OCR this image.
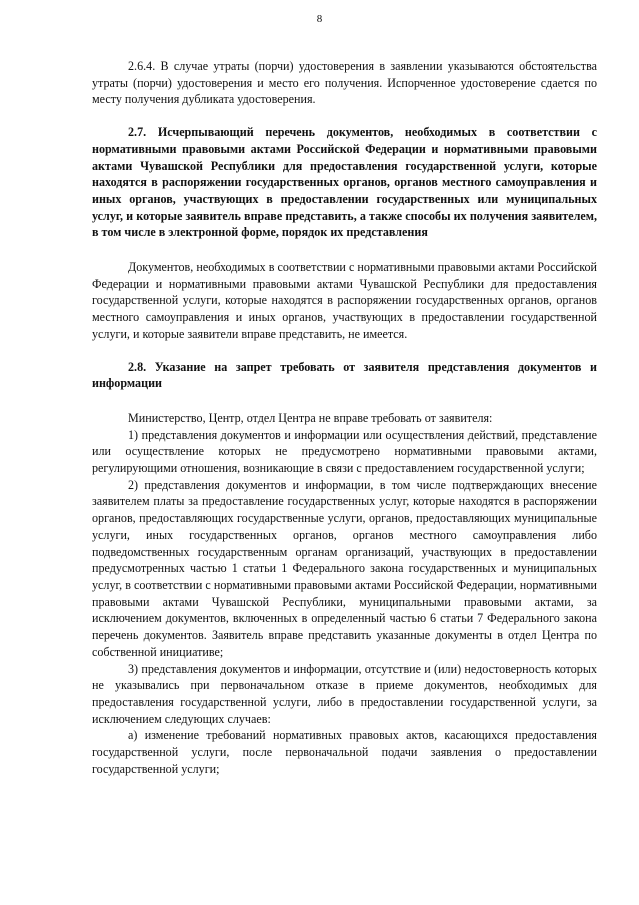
8

2.6.4. В случае утраты (порчи) удостоверения в заявлении указываются обстоятельства утраты (порчи) удостоверения и место его получения. Испорченное удостоверение сдается по месту получения дубликата удостоверения.

2.7. Исчерпывающий перечень документов, необходимых в соответствии с нормативными правовыми актами Российской Федерации и нормативными правовыми актами Чувашской Республики для предоставления государственной услуги, которые находятся в распоряжении государственных органов, органов местного самоуправления и иных органов, участвующих в предоставлении государственных или муниципальных услуг, и которые заявитель вправе представить, а также способы их получения заявителем, в том числе в электронной форме, порядок их представления

Документов, необходимых в соответствии с нормативными правовыми актами Российской Федерации и нормативными правовыми актами Чувашской Республики для предоставления государственной услуги, которые находятся в распоряжении государственных органов, органов местного самоуправления и иных органов, участвующих в предоставлении государственной услуги, и которые заявители вправе представить, не имеется.

2.8. Указание на запрет требовать от заявителя представления документов и информации

Министерство, Центр, отдел Центра не вправе требовать от заявителя:

1) представления документов и информации или осуществления действий, представление или осуществление которых не предусмотрено нормативными правовыми актами, регулирующими отношения, возникающие в связи с предоставлением государственной услуги;

2) представления документов и информации, в том числе подтверждающих внесение заявителем платы за предоставление государственных услуг, которые находятся в распоряжении органов, предоставляющих государственные услуги, органов, предоставляющих муниципальные услуги, иных государственных органов, органов местного самоуправления либо подведомственных государственным органам организаций, участвующих в предоставлении предусмотренных частью 1 статьи 1 Федерального закона государственных и муниципальных услуг, в соответствии с нормативными правовыми актами Российской Федерации, нормативными правовыми актами Чувашской Республики, муниципальными правовыми актами, за исключением документов, включенных в определенный частью 6 статьи 7 Федерального закона перечень документов. Заявитель вправе представить указанные документы в отдел Центра по собственной инициативе;

3) представления документов и информации, отсутствие и (или) недостоверность которых не указывались при первоначальном отказе в приеме документов, необходимых для предоставления государственной услуги, либо в предоставлении государственной услуги, за исключением следующих случаев:

а) изменение требований нормативных правовых актов, касающихся предоставления государственной услуги, после первоначальной подачи заявления о предоставлении государственной услуги;
